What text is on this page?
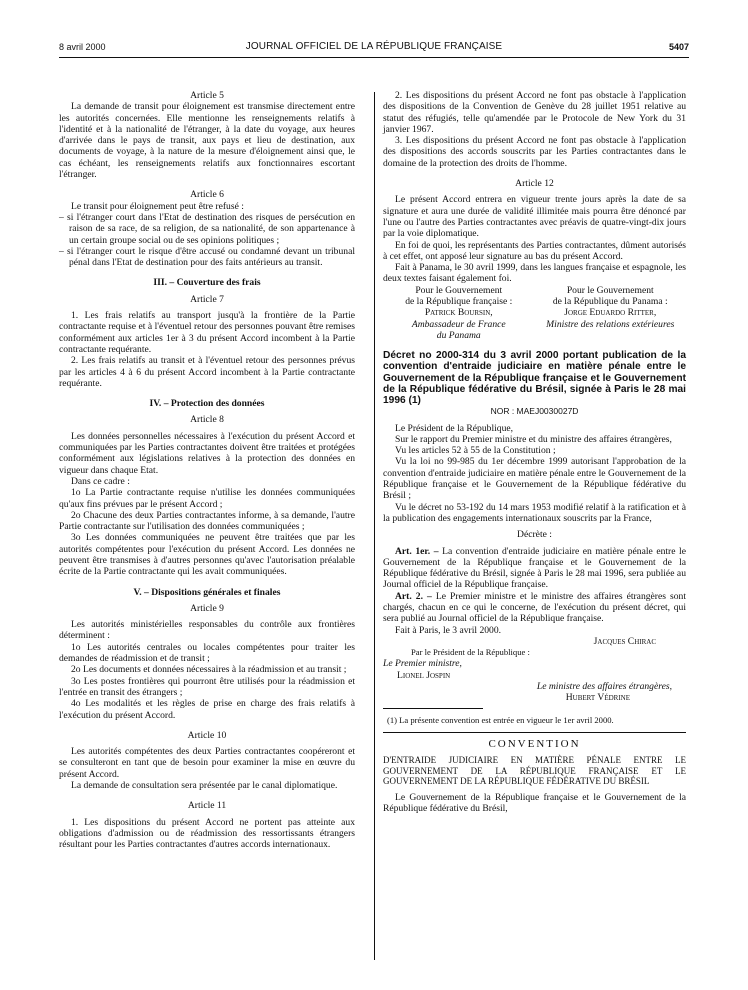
8 avril 2000	JOURNAL OFFICIEL DE LA RÉPUBLIQUE FRANÇAISE	5407

Article 5

La demande de transit pour éloignement est transmise directement entre les autorités concernées. Elle mentionne les renseignements relatifs à l'identité et à la nationalité de l'étranger, à la date du voyage, aux heures d'arrivée dans le pays de transit, aux pays et lieu de destination, aux documents de voyage, à la nature de la mesure d'éloignement ainsi que, le cas échéant, les renseignements relatifs aux fonctionnaires escortant l'étranger.

Article 6

Le transit pour éloignement peut être refusé :

– si l'étranger court dans l'Etat de destination des risques de persécution en raison de sa race, de sa religion, de sa nationalité, de son appartenance à un certain groupe social ou de ses opinions politiques ;

– si l'étranger court le risque d'être accusé ou condamné devant un tribunal pénal dans l'Etat de destination pour des faits antérieurs au transit.

III. – Couverture des frais

Article 7

1. Les frais relatifs au transport jusqu'à la frontière de la Partie contractante requise et à l'éventuel retour des personnes pouvant être remises conformément aux articles 1er à 3 du présent Accord incombent à la Partie contractante requérante.

2. Les frais relatifs au transit et à l'éventuel retour des personnes prévus par les articles 4 à 6 du présent Accord incombent à la Partie contractante requérante.

IV. – Protection des données

Article 8

Les données personnelles nécessaires à l'exécution du présent Accord et communiquées par les Parties contractantes doivent être traitées et protégées conformément aux législations relatives à la protection des données en vigueur dans chaque Etat.

Dans ce cadre :

1o La Partie contractante requise n'utilise les données communiquées qu'aux fins prévues par le présent Accord ;

2o Chacune des deux Parties contractantes informe, à sa demande, l'autre Partie contractante sur l'utilisation des données communiquées ;

3o Les données communiquées ne peuvent être traitées que par les autorités compétentes pour l'exécution du présent Accord. Les données ne peuvent être transmises à d'autres personnes qu'avec l'autorisation préalable écrite de la Partie contractante qui les avait communiquées.

V. – Dispositions générales et finales

Article 9

Les autorités ministérielles responsables du contrôle aux frontières déterminent :

1o Les autorités centrales ou locales compétentes pour traiter les demandes de réadmission et de transit ;

2o Les documents et données nécessaires à la réadmission et au transit ;

3o Les postes frontières qui pourront être utilisés pour la réadmission et l'entrée en transit des étrangers ;

4o Les modalités et les règles de prise en charge des frais relatifs à l'exécution du présent Accord.

Article 10

Les autorités compétentes des deux Parties contractantes coopéreront et se consulteront en tant que de besoin pour examiner la mise en œuvre du présent Accord.

La demande de consultation sera présentée par le canal diplomatique.

Article 11

1. Les dispositions du présent Accord ne portent pas atteinte aux obligations d'admission ou de réadmission des ressortissants étrangers résultant pour les Parties contractantes d'autres accords internationaux.

2. Les dispositions du présent Accord ne font pas obstacle à l'application des dispositions de la Convention de Genève du 28 juillet 1951 relative au statut des réfugiés, telle qu'amendée par le Protocole de New York du 31 janvier 1967.

3. Les dispositions du présent Accord ne font pas obstacle à l'application des dispositions des accords souscrits par les Parties contractantes dans le domaine de la protection des droits de l'homme.

Article 12

Le présent Accord entrera en vigueur trente jours après la date de sa signature et aura une durée de validité illimitée mais pourra être dénoncé par l'une ou l'autre des Parties contractantes avec préavis de quatre-vingt-dix jours par la voie diplomatique.

En foi de quoi, les représentants des Parties contractantes, dûment autorisés à cet effet, ont apposé leur signature au bas du présent Accord.

Fait à Panama, le 30 avril 1999, dans les langues française et espagnole, les deux textes faisant également foi.

Pour le Gouvernement

de la République française :

Patrick Boursin,

Ambassadeur de France

du Panama

Pour le Gouvernement

de la République du Panama :

Jorge Eduardo Ritter,

Ministre des relations extérieures

Décret no 2000-314 du 3 avril 2000 portant publication de la convention d'entraide judiciaire en matière pénale entre le Gouvernement de la République française et le Gouvernement de la République fédérative du Brésil, signée à Paris le 28 mai 1996 (1)

NOR : MAEJ0030027D

Le Président de la République,

Sur le rapport du Premier ministre et du ministre des affaires étrangères,

Vu les articles 52 à 55 de la Constitution ;

Vu la loi no 99-985 du 1er décembre 1999 autorisant l'approbation de la convention d'entraide judiciaire en matière pénale entre le Gouvernement de la République française et le Gouvernement de la République fédérative du Brésil ;

Vu le décret no 53-192 du 14 mars 1953 modifié relatif à la ratification et à la publication des engagements internationaux souscrits par la France,

Décrète :

Art. 1er. – La convention d'entraide judiciaire en matière pénale entre le Gouvernement de la République française et le Gouvernement de la République fédérative du Brésil, signée à Paris le 28 mai 1996, sera publiée au Journal officiel de la République française.

Art. 2. – Le Premier ministre et le ministre des affaires étrangères sont chargés, chacun en ce qui le concerne, de l'exécution du présent décret, qui sera publié au Journal officiel de la République française.

Fait à Paris, le 3 avril 2000.

Jacques Chirac

Par le Président de la République :

Le Premier ministre,

Lionel Jospin

Le ministre des affaires étrangères,

Hubert Védrine

(1) La présente convention est entrée en vigueur le 1er avril 2000.

CONVENTION

D'ENTRAIDE JUDICIAIRE EN MATIÈRE PÉNALE ENTRE LE GOUVERNEMENT DE LA RÉPUBLIQUE FRANÇAISE ET LE GOUVERNEMENT DE LA RÉPUBLIQUE FÉDÉRATIVE DU BRÉSIL

Le Gouvernement de la République française et le Gouvernement de la République fédérative du Brésil,
